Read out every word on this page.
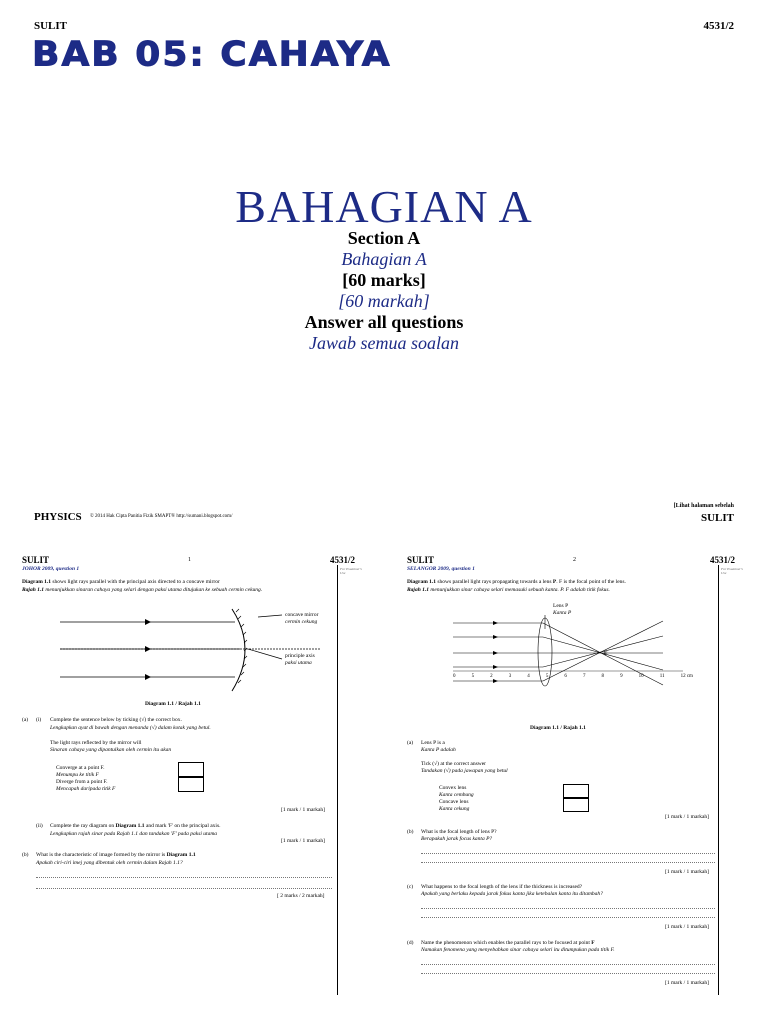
SULIT	4531/2
BAB 05: CAHAYA
BAHAGIAN A
Section A
Bahagian A
[60 marks]
[60 markah]
Answer all questions
Jawab semua soalan
PHYSICS © 2014 Hak Cipta Panitia Fizik SMAPT® http://sumani.blogspot.com/
[Lihat halaman sebelah
SULIT
SULIT	1	4531/2
JOHOR 2009, question 1	For Examiner's Use
Diagram 1.1 shows light rays parallel with the principal axis directed to a concave mirror
Rajah 1.1 menunjukkan sinaran cahaya yang selari dengan paksi utama ditujukan ke sebuah cermin cekung.
concave mirror
cermin cekung
principle axis
paksi utama
Diagram 1.1 / Rajah 1.1
(a) (i) Complete the sentence below by ticking (√) the correct box.
Lengkapkan ayat di bawah dengan menanda (√) dalam kotak yang betul.
The light rays reflected by the mirror will
Sinaran cahaya yang dipantulkan oleh cermin itu akan
Converge at a point F.
Menumpu ke titik F
Diverge from a point F.
Mencapah daripada titik F
[1 mark / 1 markah]
(ii) Complete the ray diagram on Diagram 1.1 and mark 'F' on the principal axis.
Lengkapkan rajah sinar pada Rajah 1.1 dan tandakan 'F' pada paksi utama
[1 mark / 1 markah]
(b) What is the characteristic of image formed by the mirror is Diagram 1.1
Apakah ciri-ciri imej yang dibentuk oleh cermin dalam Rajah 1.1?
[ 2 marks / 2 markah]
SULIT	2	4531/2
SELANGOR 2009, question 1	For Examiner's Use
Diagram 1.1 shows parallel light rays propagating towards a lens P. F is the focal point of the lens.
Rajah 1.1 menunjukkan sinar cahaya selari memasuki sebuah kanta. P. F adalah titik fokus.
Lens P
Kanta P
F
0	5	2	3	4	5	6	7	8	9	10	11	12 cm
Diagram 1.1 / Rajah 1.1
(a) Lens P is a
Kanta P adalah
Tick (√) at the correct answer
Tandakan (√) pada jawapan yang betul
Convex lens
Kanta cembung
Concave lens
Kanta cekung
[1 mark / 1 markah]
(b) What is the focal length of lens P?
Berapakah jarak focus kanta P?
[1 mark / 1 markah]
(c) What happens to the focal length of the lens if the thickness is increased?
Apakah yang berlaku kepada jarak fokus kanta jika ketebalan kanta itu ditambah?
[1 mark / 1 markah]
(d) Name the phenomenon which enables the parallel rays to be focused at point F
Namakan fenomena yang menyebabkan sinar cahaya selari itu ditumpukan pada titik F.
[1 mark / 1 markah]
